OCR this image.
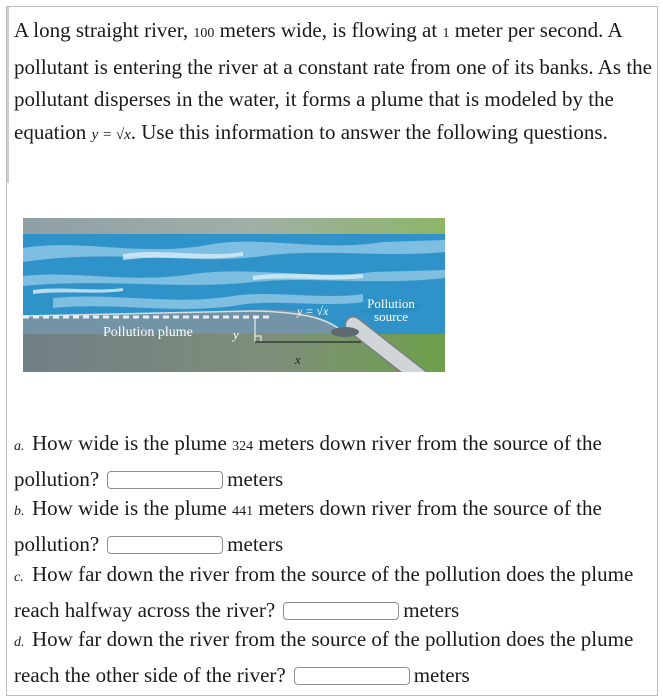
A long straight river, 100 meters wide, is flowing at 1 meter per second. A pollutant is entering the river at a constant rate from one of its banks. As the pollutant disperses in the water, it forms a plume that is modeled by the equation y = √x. Use this information to answer the following questions.

Pollution
source
y = √x
Pollution plume	y
x

a. How wide is the plume 324 meters down river from the source of the pollution?	meters

b. How wide is the plume 441 meters down river from the source of the pollution?	meters

c. How far down the river from the source of the pollution does the plume reach halfway across the river?	meters

d. How far down the river from the source of the pollution does the plume reach the other side of the river?	meters
